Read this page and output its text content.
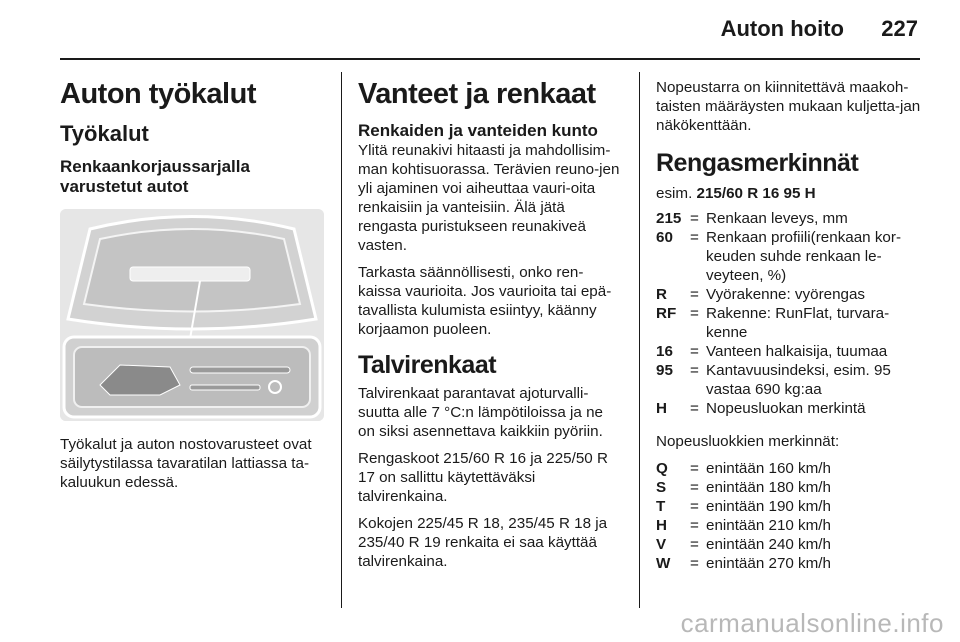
Auton hoito 227
Auton työkalut
Työkalut
Renkaankorjaussarjalla varustetut autot

Työkalut ja auton nostovarusteet ovat säilytystilassa tavaratilan lattiassa ta-kaluukun edessä.

Vanteet ja renkaat
Renkaiden ja vanteiden kunto

Ylitä reunakivi hitaasti ja mahdollisim-man kohtisuorassa. Terävien reuno-jen yli ajaminen voi aiheuttaa vauri-oita renkaisiin ja vanteisiin. Älä jätä rengasta puristukseen reunakiveä vasten.

Tarkasta säännöllisesti, onko ren-kaissa vaurioita. Jos vaurioita tai epä-tavallista kulumista esiintyy, käänny korjaamon puoleen.

Talvirenkaat

Talvirenkaat parantavat ajoturvalli-suutta alle 7 °C:n lämpötiloissa ja ne on siksi asennettava kaikkiin pyöriin.

Rengaskoot 215/60 R 16 ja 225/50 R 17 on sallittu käytettäväksi talvirenkaina.

Kokojen 225/45 R 18, 235/45 R 18 ja 235/40 R 19 renkaita ei saa käyttää talvirenkaina.

Nopeustarra on kiinnitettävä maakoh-taisten määräysten mukaan kuljetta-jan näkökenttään.

Rengasmerkinnät
esim. 215/60 R 16 95 H
215 = Renkaan leveys, mm
60	= Renkaan profiili(renkaan kor-keuden suhde renkaan le-veyteen, %)
R	= Vyörakenne: vyörengas
RF = Rakenne: RunFlat, turvara-kenne
16	= Vanteen halkaisija, tuumaa
95	= Kantavuusindeksi, esim. 95 vastaa 690 kg:aa
H	= Nopeusluokan merkintä

Nopeusluokkien merkinnät:

Q	= enintään 160 km/h
S	= enintään 180 km/h
T	= enintään 190 km/h
H	= enintään 210 km/h
V	= enintään 240 km/h
W	= enintään 270 km/h
carmanualsonline.info
